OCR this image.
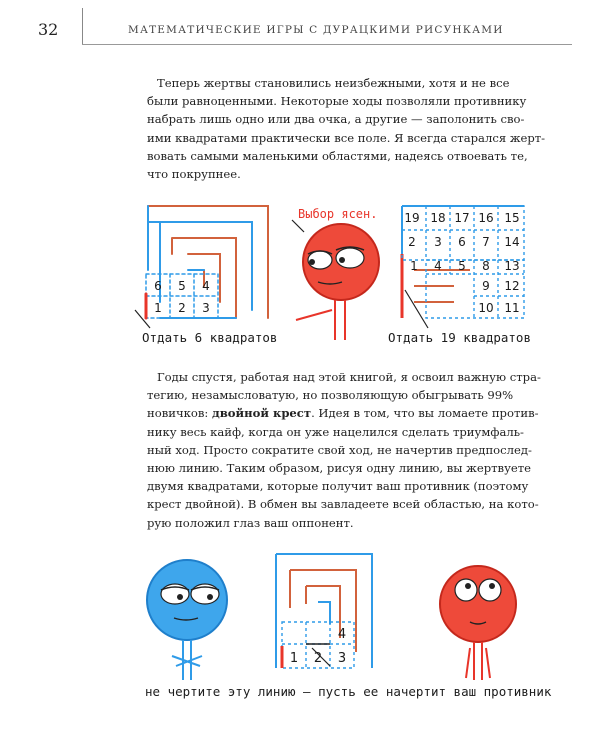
32	МАТЕМАТИЧЕСКИЕ ИГРЫ С ДУРАЦКИМИ РИСУНКАМИ
Теперь жертвы становились неизбежными, хотя и не все
были равноценными. Некоторые ходы позволяли противнику
набрать лишь одно или два очка, а другие — заполонить сво-
ими квадратами практически все поле. Я всегда старался жерт-
вовать самыми маленькими областями, надеясь отвоевать те,
что покрупнее.
6 5 4
1 2 3
Выбор ясен. 19 18 17 16 15
2 3 6 7 14
1 4 5 8 13
9 12
10 11
Отдать 6 квадратов	Отдать 19 квадратов
Годы спустя, работая над этой книгой, я освоил важную стра-
тегию, незамысловатую, но позволяющую обыгрывать 99%
новичков: двойной крест. Идея в том, что вы ломаете против-
нику весь кайф, когда он уже нацелился сделать триумфаль-
ный ход. Просто сократите свой ход, не начертив предпослед-
нюю линию. Таким образом, рисуя одну линию, вы жертвуете
двумя квадратами, которые получит ваш противник (поэтому
крест двойной). В обмен вы завладеете всей областью, на кото-
рую положил глаз ваш оппонент.
4
1 2 3
не чертите эту линию – пусть ее начертит ваш противник
